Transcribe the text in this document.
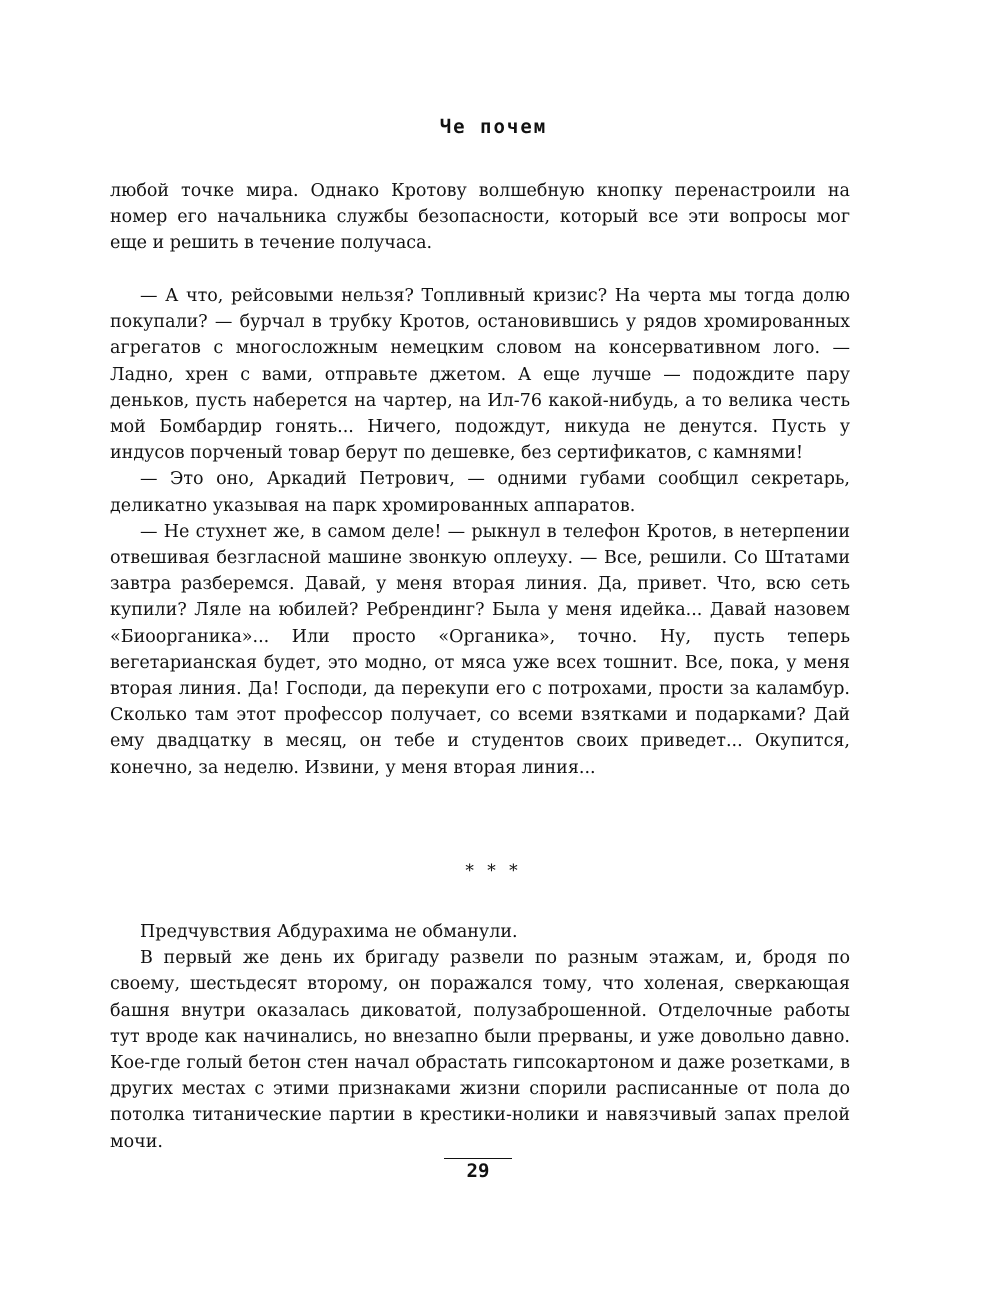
Че почем

любой точке мира. Однако Кротову волшебную кнопку перенастроили на номер его начальника службы безопасности, который все эти вопросы мог еще и решить в течение получаса.

— А что, рейсовыми нельзя? Топливный кризис? На черта мы тогда долю покупали? — бурчал в трубку Кротов, остановившись у рядов хромированных агрегатов с многосложным немецким словом на консервативном лого. — Ладно, хрен с вами, отправьте джетом. А еще лучше — подождите пару деньков, пусть наберется на чартер, на Ил-76 какой-нибудь, а то велика честь мой Бомбардир гонять... Ничего, подождут, никуда не денутся. Пусть у индусов порченый товар берут по дешевке, без сертификатов, с камнями!

— Это оно, Аркадий Петрович, — одними губами сообщил секретарь, деликатно указывая на парк хромированных аппаратов.

— Не стухнет же, в самом деле! — рыкнул в телефон Кротов, в нетерпении отвешивая безгласной машине звонкую оплеуху. — Все, решили. Со Штатами завтра разберемся. Давай, у меня вторая линия. Да, привет. Что, всю сеть купили? Ляле на юбилей? Ребрендинг? Была у меня идейка... Давай назовем «Биоорганика»... Или просто «Органика», точно. Ну, пусть теперь вегетарианская будет, это модно, от мяса уже всех тошнит. Все, пока, у меня вторая линия. Да! Господи, да перекупи его с потрохами, прости за каламбур. Сколько там этот профессор получает, со всеми взятками и подарками? Дай ему двадцатку в месяц, он тебе и студентов своих приведет... Окупится, конечно, за неделю. Извини, у меня вторая линия...

* * *

Предчувствия Абдурахима не обманули.

В первый же день их бригаду развели по разным этажам, и, бродя по своему, шестьдесят второму, он поражался тому, что холеная, сверкающая башня внутри оказалась диковатой, полузаброшенной. Отделочные работы тут вроде как начинались, но внезапно были прерваны, и уже довольно давно. Кое-где голый бетон стен начал обрастать гипсокартоном и даже розетками, в других местах с этими признаками жизни спорили расписанные от пола до потолка титанические партии в крестики-нолики и навязчивый запах прелой мочи.

29
